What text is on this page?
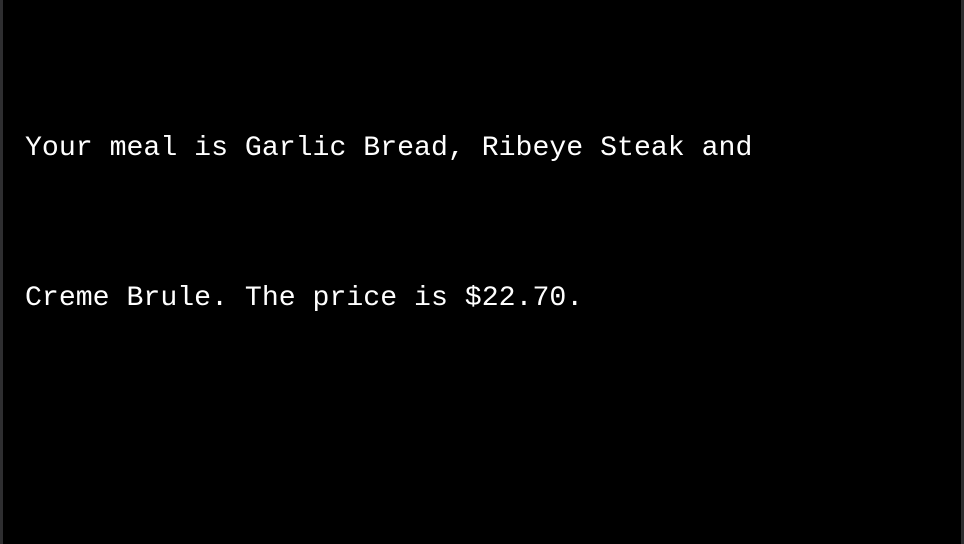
Your meal is Garlic Bread, Ribeye Steak and

Creme Brule. The price is $22.70.
